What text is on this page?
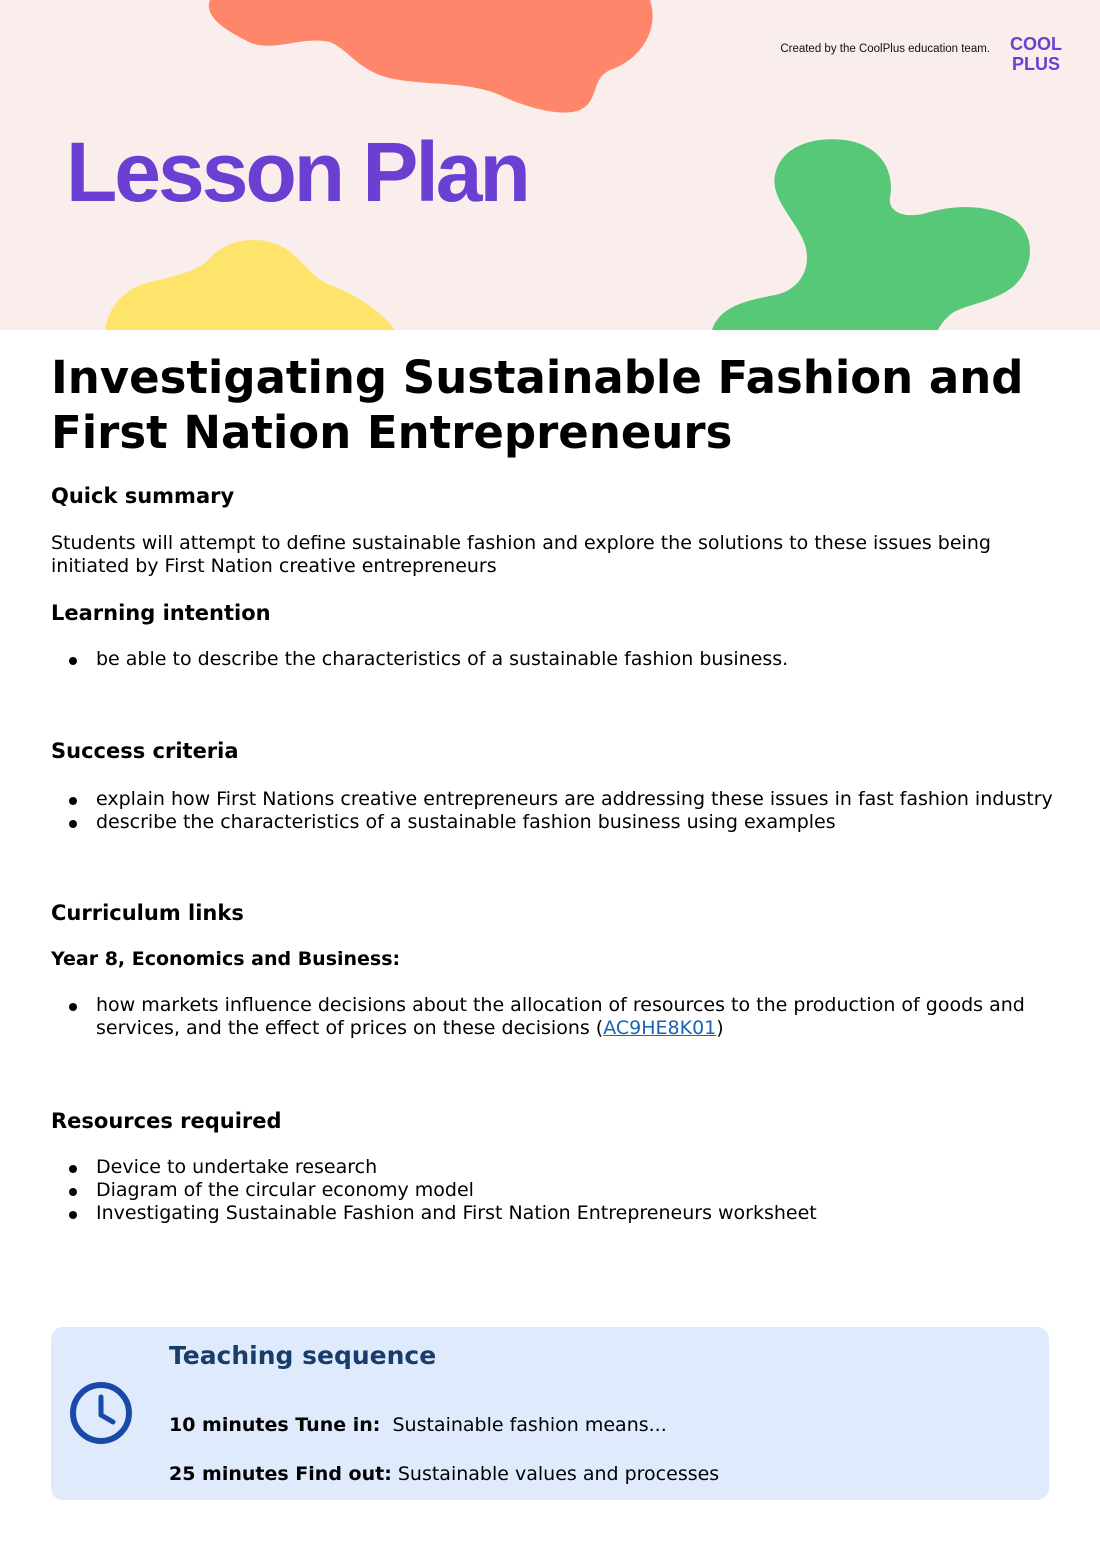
Created by the CoolPlus education team. COOL
PLUS
Lesson Plan
Investigating Sustainable Fashion and
First Nation Entrepreneurs
Quick summary

Students will attempt to define sustainable fashion and explore the solutions to these issues being
initiated by First Nation creative entrepreneurs

Learning intention
be able to describe the characteristics of a sustainable fashion business.
Success criteria
explain how First Nations creative entrepreneurs are addressing these issues in fast fashion industry
describe the characteristics of a sustainable fashion business using examples
Curriculum links

Year 8, Economics and Business:

how markets influence decisions about the allocation of resources to the production of goods and
services, and the effect of prices on these decisions (AC9HE8K01)
Resources required
Device to undertake research
Diagram of the circular economy model
Investigating Sustainable Fashion and First Nation Entrepreneurs worksheet
Teaching sequence

10 minutes Tune in: Sustainable fashion means...

25 minutes Find out: Sustainable values and processes
